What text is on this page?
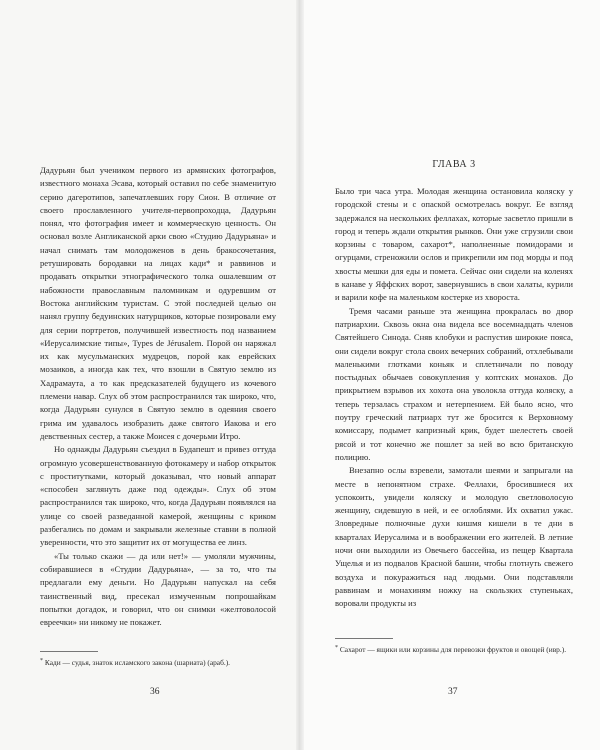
Дадурьян был учеником первого из армянских фотографов, известного монаха Эсава, который оставил по себе знаменитую серию дагеротипов, запечатлевших гору Сион. В отличие от своего прославленного учителя-первопроходца, Дадурьян понял, что фотография имеет и коммерческую ценность. Он основал возле Англиканской арки свою «Студию Дадурьяна» и начал снимать там молодоженов в день бракосочетания, ретушировать бородавки на лицах кади* и раввинов и продавать открытки этнографического толка ошалевшим от набожности православным паломникам и одуревшим от Востока английским туристам. С этой последней целью он нанял группу бедуинских натурщиков, которые позировали ему для серии портретов, получившей известность под названием «Иерусалимские типы», Types de Jérusalem. Порой он наряжал их как мусульманских мудрецов, порой как еврейских мозаиков, а иногда как тех, что взошли в Святую землю из Хадрамаута, а то как предсказателей будущего из кочевого племени навар. Слух об этом распространился так широко, что, когда Дадурьян сунулся в Святую землю в одеяния своего грима им удавалось изобразить даже святого Иакова и его девственных сестер, а также Моисея с дочерьми Итро.

Но однажды Дадурьян съездил в Будапешт и привез оттуда огромную усовершенствованную фотокамеру и набор открыток с проститутками, который доказывал, что новый аппарат «способен заглянуть даже под одежды». Слух об этом распространился так широко, что, когда Дадурьян появлялся на улице со своей разведанной камерой, женщины с криком разбегались по домам и закрывали железные ставни в полной уверенности, что это защитит их от могущества ее линз.

«Ты только скажи — да или нет!» — умоляли мужчины, собиравшиеся в «Студии Дадурьяна», — за то, что ты предлагали ему деньги. Но Дадурьян напускал на себя таинственный вид, пресекал измученным попрошайкам попытки догадок, и говорил, что он снимки «желтоволосой евреечки» ни никому не покажет.

* Кади — судья, знаток исламского закона (шариата) (араб.).

36

ГЛАВА 3

Было три часа утра. Молодая женщина остановила коляску у городской стены и с опаской осмотрелась вокруг. Ее взгляд задержался на нескольких феллахах, которые засветло пришли в город и теперь ждали открытия рынков. Они уже сгрузили свои корзины с товаром, сахарот*, наполненные помидорами и огурцами, стреножили ослов и прикрепили им под морды и под хвосты мешки для еды и помета. Сейчас они сидели на коленях в канаве у Яффских ворот, завернувшись в свои халаты, курили и варили кофе на маленьком костерке из хвороста.

Тремя часами раньше эта женщина прокралась во двор патриархии. Сквозь окна она видела все восемнадцать членов Святейшего Синода. Сняв клобуки и распустив широкие пояса, они сидели вокруг стола своих вечерних собраний, отхлебывали маленькими глотками коньяк и сплетничали по поводу постыдных обычаев совокупления у коптских монахов. До прикрытием взрывов их хохота она уволокла оттуда коляску, а теперь терзалась страхом и нетерпением. Ей было ясно, что поутру греческий патриарх тут же бросится к Верховному комиссару, подымет капризный крик, будет шелестеть своей рясой и тот конечно же пошлет за ней во всю британскую полицию.

Внезапно ослы взревели, замотали шеями и запрыгали на месте в непонятном страхе. Феллахи, бросившиеся их успокоить, увидели коляску и молодую светловолосую женщину, сидевшую в ней, и ее оглоблями. Их охватил ужас. Зловредные полночные духи кишмя кишели в те дни в кварталах Иерусалима и в воображении его жителей. В летние ночи они выходили из Овечьего бассейна, из пещер Квартала Ущелья и из подвалов Красной башни, чтобы глотнуть свежего воздуха и покуражиться над людьми. Они подставляли раввинам и монахиням ножку на скользких ступеньках, воровали продукты из

* Сахарот — ящики или корзины для перевозки фруктов и овощей (ивр.).

37
